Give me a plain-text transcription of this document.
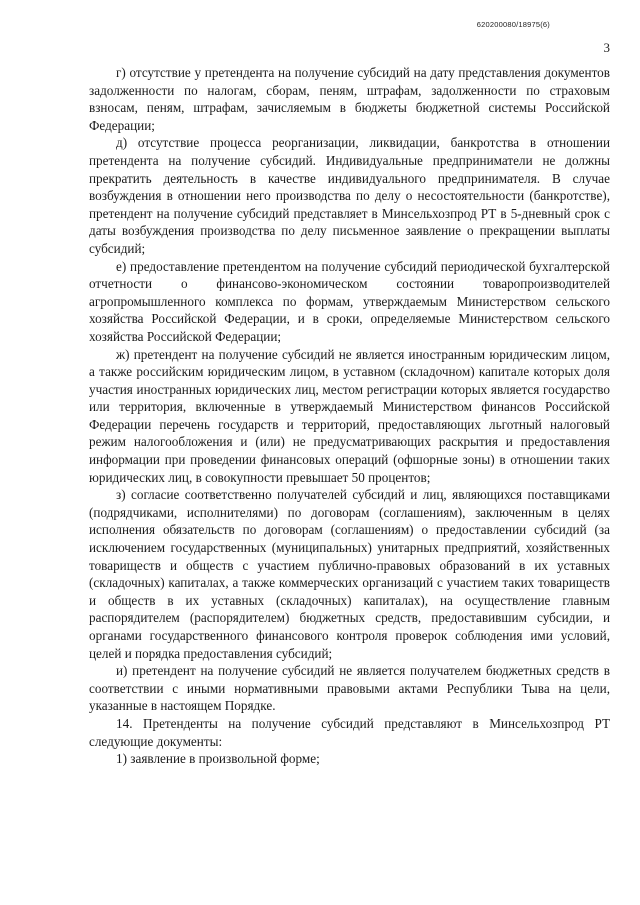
620200080/18975(6)
3

г) отсутствие у претендента на получение субсидий на дату представления документов задолженности по налогам, сборам, пеням, штрафам, задолженности по страховым взносам, пеням, штрафам, зачисляемым в бюджеты бюджетной системы Российской Федерации;

д) отсутствие процесса реорганизации, ликвидации, банкротства в отношении претендента на получение субсидий. Индивидуальные предприниматели не должны прекратить деятельность в качестве индивидуального предпринимателя. В случае возбуждения в отношении него производства по делу о несостоятельности (банкротстве), претендент на получение субсидий представляет в Минсельхозпрод РТ в 5-дневный срок с даты возбуждения производства по делу письменное заявление о прекращении выплаты субсидий;

е) предоставление претендентом на получение субсидий периодической бухгалтерской отчетности о финансово-экономическом состоянии товаропроизводителей агропромышленного комплекса по формам, утверждаемым Министерством сельского хозяйства Российской Федерации, и в сроки, определяемые Министерством сельского хозяйства Российской Федерации;

ж) претендент на получение субсидий не является иностранным юридическим лицом, а также российским юридическим лицом, в уставном (складочном) капитале которых доля участия иностранных юридических лиц, местом регистрации которых является государство или территория, включенные в утверждаемый Министерством финансов Российской Федерации перечень государств и территорий, предоставляющих льготный налоговый режим налогообложения и (или) не предусматривающих раскрытия и предоставления информации при проведении финансовых операций (офшорные зоны) в отношении таких юридических лиц, в совокупности превышает 50 процентов;

з) согласие соответственно получателей субсидий и лиц, являющихся поставщиками (подрядчиками, исполнителями) по договорам (соглашениям), заключенным в целях исполнения обязательств по договорам (соглашениям) о предоставлении субсидий (за исключением государственных (муниципальных) унитарных предприятий, хозяйственных товариществ и обществ с участием публично-правовых образований в их уставных (складочных) капиталах, а также коммерческих организаций с участием таких товариществ и обществ в их уставных (складочных) капиталах), на осуществление главным распорядителем (распорядителем) бюджетных средств, предоставившим субсидии, и органами государственного финансового контроля проверок соблюдения ими условий, целей и порядка предоставления субсидий;

и) претендент на получение субсидий не является получателем бюджетных средств в соответствии с иными нормативными правовыми актами Республики Тыва на цели, указанные в настоящем Порядке.

14. Претенденты на получение субсидий представляют в Минсельхозпрод РТ следующие документы:

1) заявление в произвольной форме;
